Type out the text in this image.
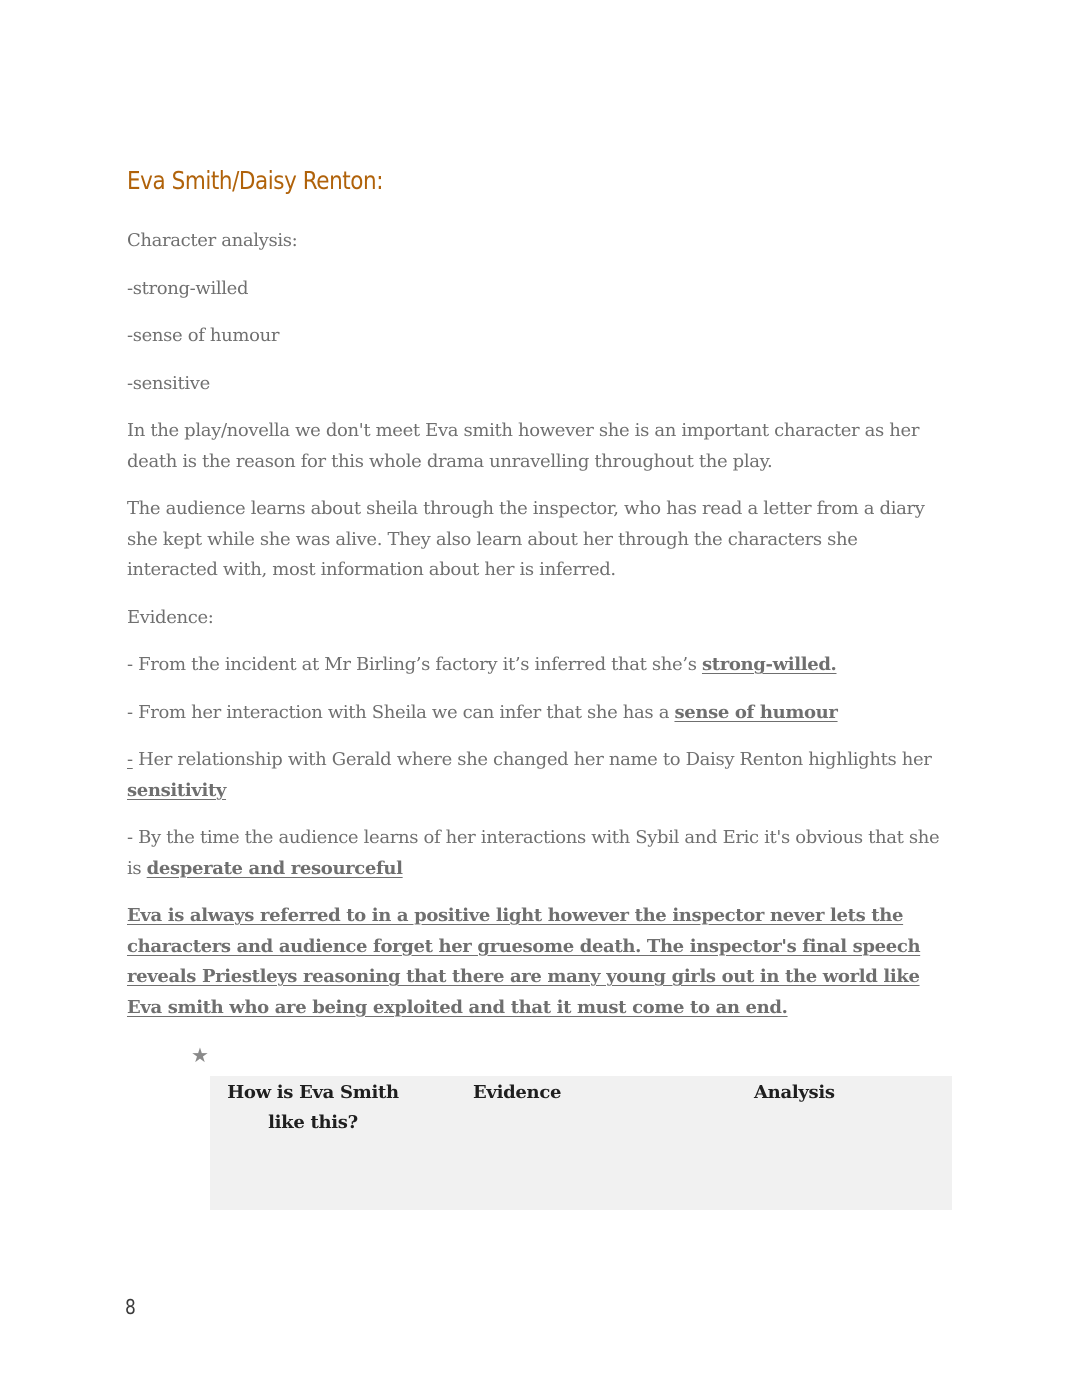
Eva Smith/Daisy Renton:

Character analysis:

-strong-willed

-sense of humour

-sensitive

In the play/novella we don't meet Eva smith however she is an important character as her death is the reason for this whole drama unravelling throughout the play.

The audience learns about sheila through the inspector, who has read a letter from a diary she kept while she was alive. They also learn about her through the characters she interacted with, most information about her is inferred.

Evidence:

- From the incident at Mr Birling’s factory it’s inferred that she’s strong-willed.

- From her interaction with Sheila we can infer that she has a sense of humour

- Her relationship with Gerald where she changed her name to Daisy Renton highlights her sensitivity

- By the time the audience learns of her interactions with Sybil and Eric it's obvious that she is desperate and resourceful

Eva is always referred to in a positive light however the inspector never lets the characters and audience forget her gruesome death. The inspector's final speech reveals Priestleys reasoning that there are many young girls out in the world like Eva smith who are being exploited and that it must come to an end.

★
How is Eva Smith like this?
Evidence	Analysis
8
